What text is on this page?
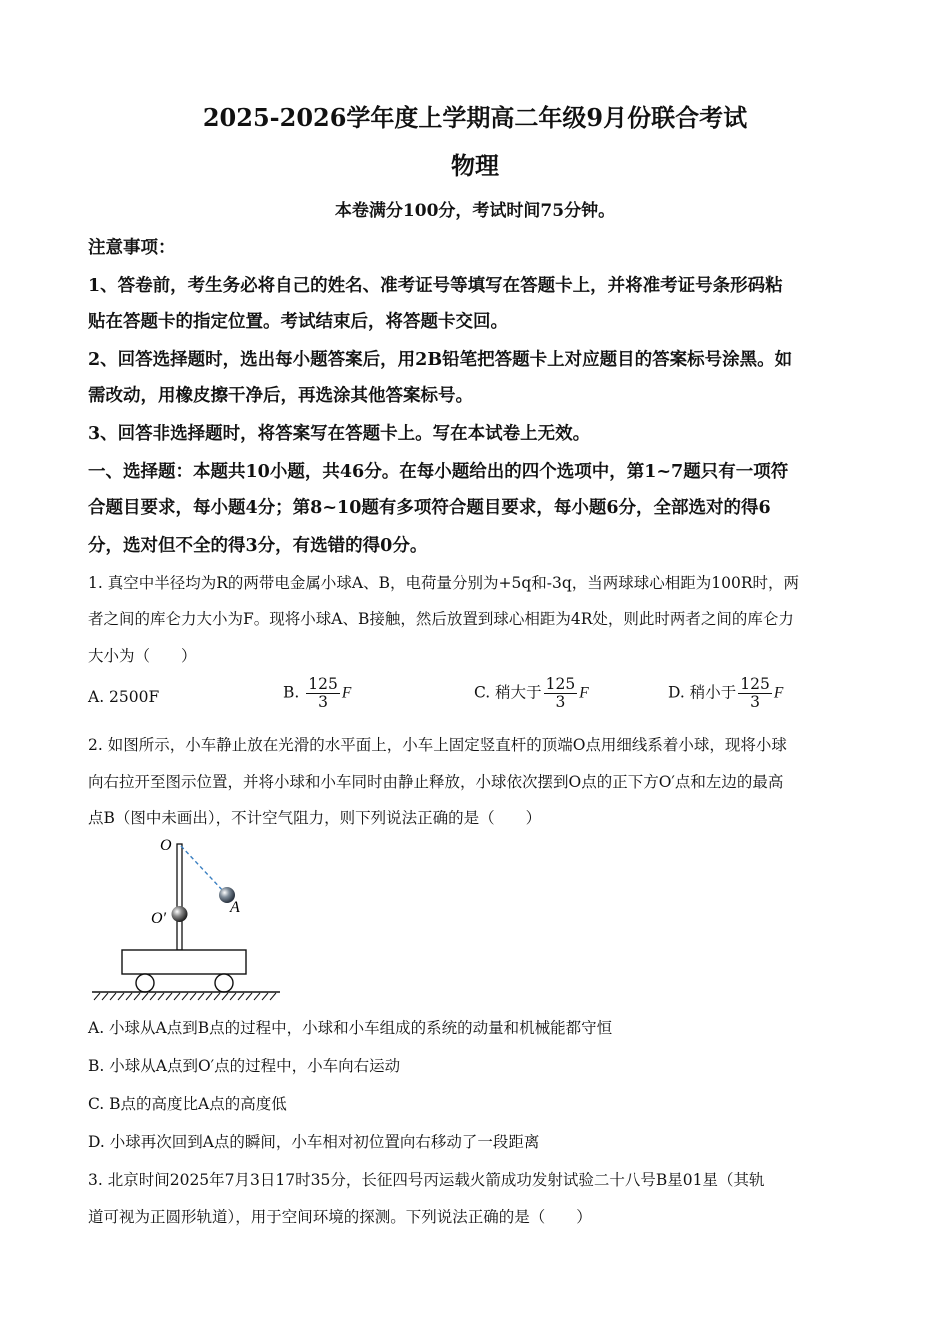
2025-2026学年度上学期高二年级9月份联合考试
物理
本卷满分100分，考试时间75分钟。
注意事项：
1、答卷前，考生务必将自己的姓名、准考证号等填写在答题卡上，并将准考证号条形码粘
贴在答题卡的指定位置。考试结束后，将答题卡交回。
2、回答选择题时，选出每小题答案后，用2B铅笔把答题卡上对应题目的答案标号涂黑。如
需改动，用橡皮擦干净后，再选涂其他答案标号。
3、回答非选择题时，将答案写在答题卡上。写在本试卷上无效。
一、选择题：本题共10小题，共46分。在每小题给出的四个选项中，第1~7题只有一项符
合题目要求，每小题4分；第8~10题有多项符合题目要求，每小题6分，全部选对的得6
分，选对但不全的得3分，有选错的得0分。
1. 真空中半径均为R的两带电金属小球A、B，电荷量分别为+5q和-3q，当两球球心相距为100R时，两
者之间的库仑力大小为F。现将小球A、B接触，然后放置到球心相距为4R处，则此时两者之间的库仑力
大小为（　　）
A. 2500F	B. $\frac{125}{3}$ F	C. 稍大于 $\frac{125}{3}$ F	D. 稍小于 $\frac{125}{3}$ F
2. 如图所示，小车静止放在光滑的水平面上，小车上固定竖直杆的顶端O点用细线系着小球，现将小球
向右拉开至图示位置，并将小球和小车同时由静止释放，小球依次摆到O点的正下方O′点和左边的最高
点B（图中未画出），不计空气阻力，则下列说法正确的是（　　）
O
O′
A
A. 小球从A点到B点的过程中，小球和小车组成的系统的动量和机械能都守恒
B. 小球从A点到O′点的过程中，小车向右运动
C. B点的高度比A点的高度低
D. 小球再次回到A点的瞬间，小车相对初位置向右移动了一段距离
3. 北京时间2025年7月3日17时35分，长征四号丙运载火箭成功发射试验二十八号B星01星（其轨
道可视为正圆形轨道），用于空间环境的探测。下列说法正确的是（　　）
